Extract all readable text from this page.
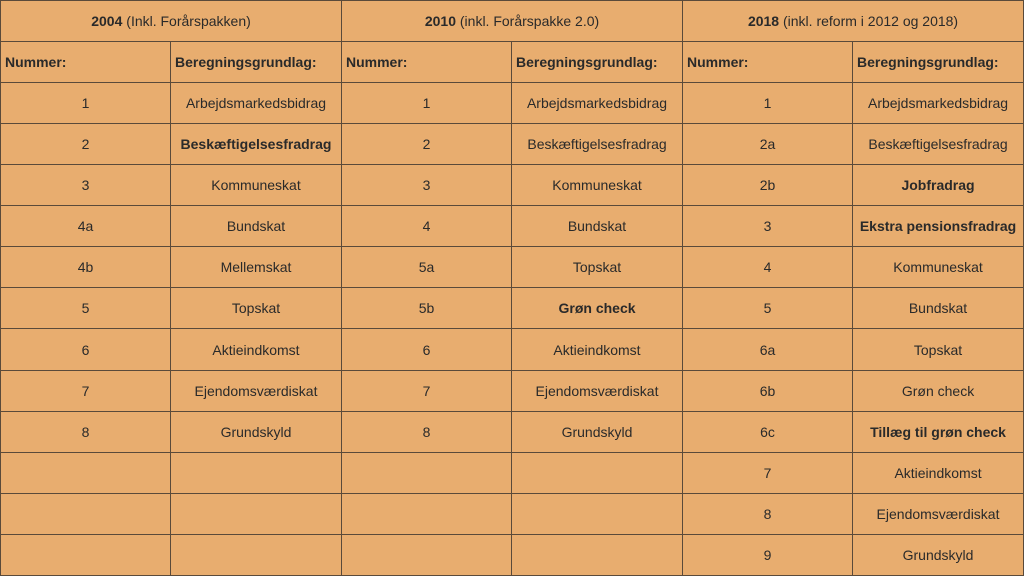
2004 (Inkl. Forårspakken)		2010 (inkl. Forårspakke 2.0)		2018 (inkl. reform i 2012 og 2018)	
Nummer:	Beregningsgrundlag:	Nummer:	Beregningsgrundlag:	Nummer:	Beregningsgrundlag:
1	Arbejdsmarkedsbidrag	1	Arbejdsmarkedsbidrag	1	Arbejdsmarkedsbidrag
2	Beskæftigelsesfradrag	2	Beskæftigelsesfradrag	2a	Beskæftigelsesfradrag
3	Kommuneskat	3	Kommuneskat	2b	Jobfradrag
4a	Bundskat	4	Bundskat	3	Ekstra pensionsfradrag
4b	Mellemskat	5a	Topskat	4	Kommuneskat
5	Topskat	5b	Grøn check	5	Bundskat
6	Aktieindkomst	6	Aktieindkomst	6a	Topskat
7	Ejendomsværdiskat	7	Ejendomsværdiskat	6b	Grøn check
8	Grundskyld	8	Grundskyld	6c	Tillæg til grøn check
				7	Aktieindkomst
				8	Ejendomsværdiskat
				9	Grundskyld
